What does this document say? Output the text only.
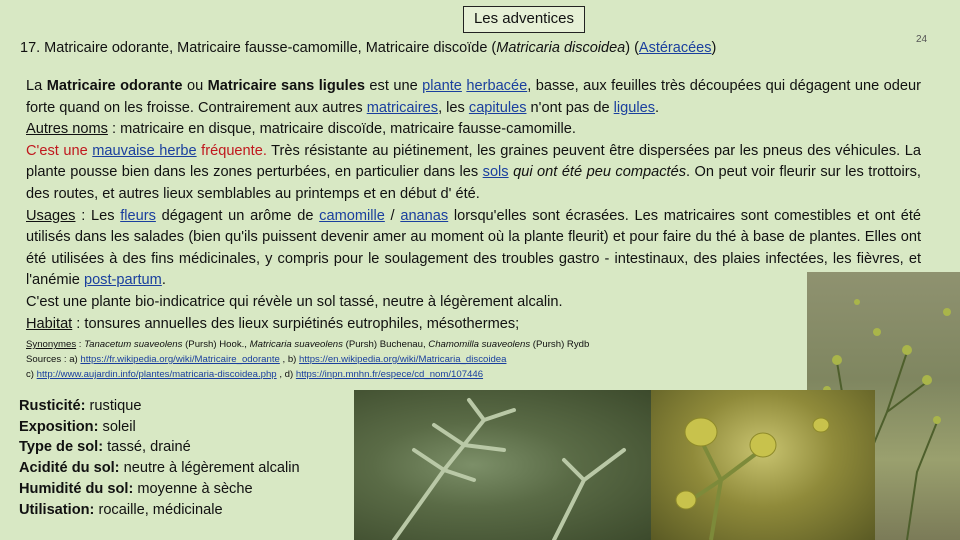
Les adventices
24
17. Matricaire odorante, Matricaire fausse-camomille, Matricaire discoïde (Matricaria discoidea) (Astéracées)

La Matricaire odorante ou Matricaire sans ligules est une plante herbacée, basse, aux feuilles très découpées qui dégagent une odeur forte quand on les froisse. Contrairement aux autres matricaires, les capitules n'ont pas de ligules.

Autres noms : matricaire en disque, matricaire discoïde, matricaire fausse-camomille.

C'est une mauvaise herbe fréquente. Très résistante au piétinement, les graines peuvent être dispersées par les pneus des véhicules. La plante pousse bien dans les zones perturbées, en particulier dans les sols qui ont été peu compactés. On peut voir fleurir sur les trottoirs, des routes, et autres lieux semblables au printemps et en début d' été.

Usages : Les fleurs dégagent un arôme de camomille / ananas lorsqu'elles sont écrasées. Les matricaires sont comestibles et ont été utilisés dans les salades (bien qu'ils puissent devenir amer au moment où la plante fleurit) et pour faire du thé à base de plantes. Elles ont été utilisées à des fins médicinales, y compris pour le soulagement des troubles gastro - intestinaux, des plaies infectées, les fièvres, et l'anémie post-partum.

C'est une plante bio-indicatrice qui révèle un sol tassé, neutre à légèrement alcalin.

Habitat : tonsures annuelles des lieux surpiétinés eutrophiles, mésothermes;

Synonymes : Tanacetum suaveolens (Pursh) Hook., Matricaria suaveolens (Pursh) Buchenau, Chamomilla suaveolens (Pursh) Rydb
Sources : a) https://fr.wikipedia.org/wiki/Matricaire_odorante , b) https://en.wikipedia.org/wiki/Matricaria_discoidea
c) http://www.aujardin.info/plantes/matricaria-discoidea.php , d) https://inpn.mnhn.fr/espece/cd_nom/107446
Rusticité: rustique
Exposition: soleil
Type de sol: tassé, drainé
Acidité du sol: neutre à légèrement alcalin
Humidité du sol: moyenne à sèche
Utilisation: rocaille, médicinale
